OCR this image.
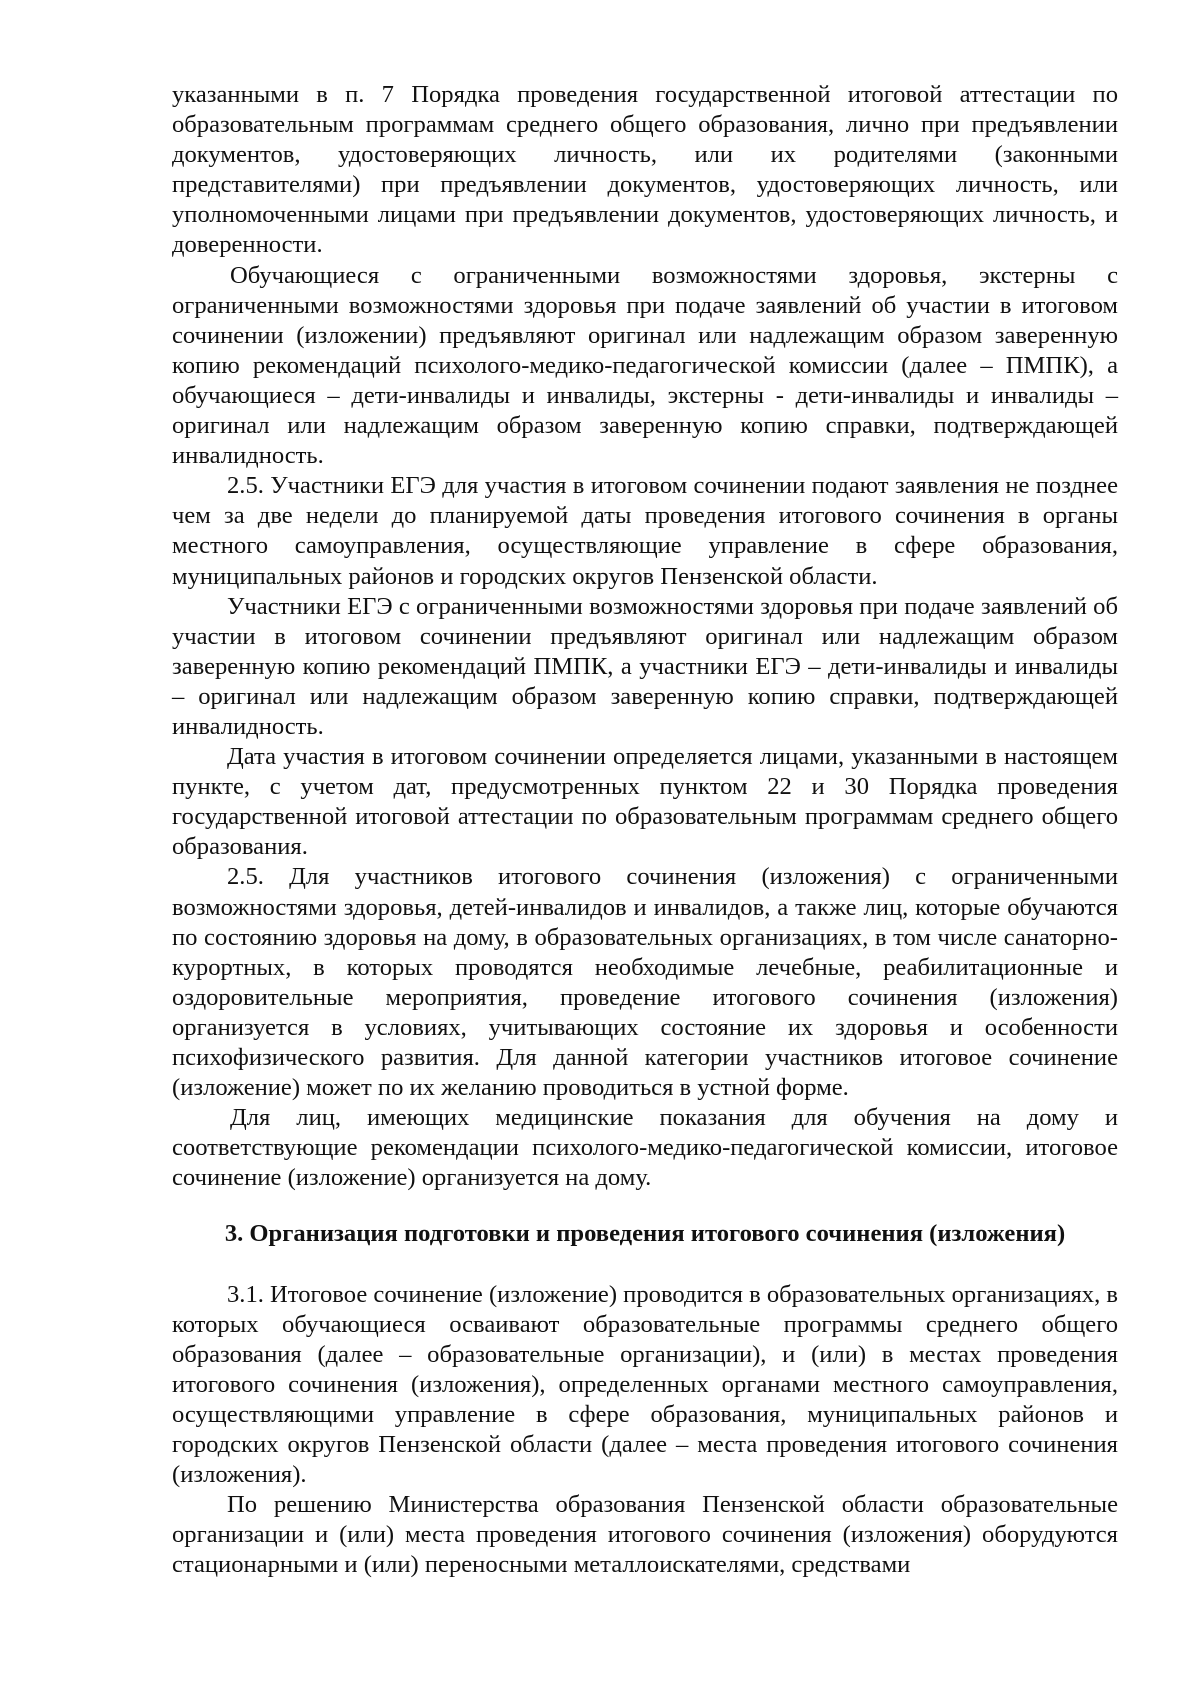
указанными в п. 7 Порядка проведения государственной итоговой аттестации по образовательным программам среднего общего образования, лично при предъявлении документов, удостоверяющих личность, или их родителями (законными представителями) при предъявлении документов, удостоверяющих личность, или уполномоченными лицами при предъявлении документов, удостоверяющих личность, и доверенности.

Обучающиеся с ограниченными возможностями здоровья, экстерны с ограниченными возможностями здоровья при подаче заявлений об участии в итоговом сочинении (изложении) предъявляют оригинал или надлежащим образом заверенную копию рекомендаций психолого-медико-педагогической комиссии (далее – ПМПК), а обучающиеся – дети-инвалиды и инвалиды, экстерны - дети-инвалиды и инвалиды – оригинал или надлежащим образом заверенную копию справки, подтверждающей инвалидность.

2.5. Участники ЕГЭ для участия в итоговом сочинении подают заявления не позднее чем за две недели до планируемой даты проведения итогового сочинения в органы местного самоуправления, осуществляющие управление в сфере образования, муниципальных районов и городских округов Пензенской области.

Участники ЕГЭ с ограниченными возможностями здоровья при подаче заявлений об участии в итоговом сочинении предъявляют оригинал или надлежащим образом заверенную копию рекомендаций ПМПК, а участники ЕГЭ – дети-инвалиды и инвалиды – оригинал или надлежащим образом заверенную копию справки, подтверждающей инвалидность.

Дата участия в итоговом сочинении определяется лицами, указанными в настоящем пункте, с учетом дат, предусмотренных пунктом 22 и 30 Порядка проведения государственной итоговой аттестации по образовательным программам среднего общего образования.

2.5. Для участников итогового сочинения (изложения) с ограниченными возможностями здоровья, детей-инвалидов и инвалидов, а также лиц, которые обучаются по состоянию здоровья на дому, в образовательных организациях, в том числе санаторно-курортных, в которых проводятся необходимые лечебные, реабилитационные и оздоровительные мероприятия, проведение итогового сочинения (изложения) организуется в условиях, учитывающих состояние их здоровья и особенности психофизического развития. Для данной категории участников итоговое сочинение (изложение) может по их желанию проводиться в устной форме.

Для лиц, имеющих медицинские показания для обучения на дому и соответствующие рекомендации психолого-медико-педагогической комиссии, итоговое сочинение (изложение) организуется на дому.

3. Организация подготовки и проведения итогового сочинения (изложения)

3.1. Итоговое сочинение (изложение) проводится в образовательных организациях, в которых обучающиеся осваивают образовательные программы среднего общего образования (далее – образовательные организации), и (или) в местах проведения итогового сочинения (изложения), определенных органами местного самоуправления, осуществляющими управление в сфере образования, муниципальных районов и городских округов Пензенской области (далее – места проведения итогового сочинения (изложения).

По решению Министерства образования Пензенской области образовательные организации и (или) места проведения итогового сочинения (изложения) оборудуются стационарными и (или) переносными металлоискателями, средствами
